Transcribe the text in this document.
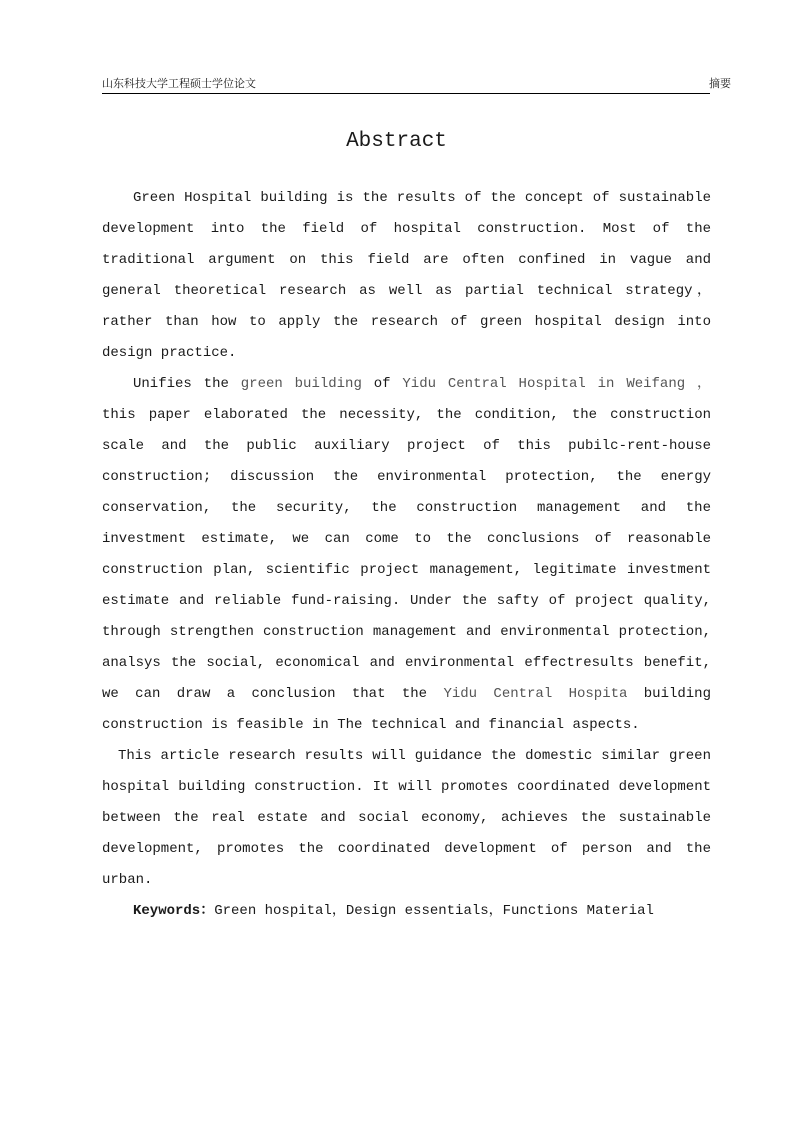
山东科技大学工程硕士学位论文	摘要
Abstract

Green Hospital building is the results of the concept of sustainable development into the field of hospital construction. Most of the traditional argument on this field are often confined in vague and general theoretical research as well as partial technical strategy，rather than how to apply the research of green hospital design into design practice.

Unifies the green building of Yidu Central Hospital in Weifang ， this paper elaborated the necessity, the condition, the construction scale and the public auxiliary project of this pubilc-rent-house construction; discussion the environmental protection, the energy conservation, the security, the construction management and the investment estimate, we can come to the conclusions of reasonable construction plan, scientific project management, legitimate investment estimate and reliable fund-raising. Under the safty of project quality, through strengthen construction management and environmental protection, analsys the social, economical and environmental effectresults benefit, we can draw a conclusion that the Yidu Central Hospita building construction is feasible in The technical and financial aspects.

This article research results will guidance the domestic similar green hospital building construction. It will promotes coordinated development between the real estate and social economy, achieves the sustainable development, promotes the coordinated development of person and the urban.

Keywords：Green hospital，Design essentials，Functions Material
